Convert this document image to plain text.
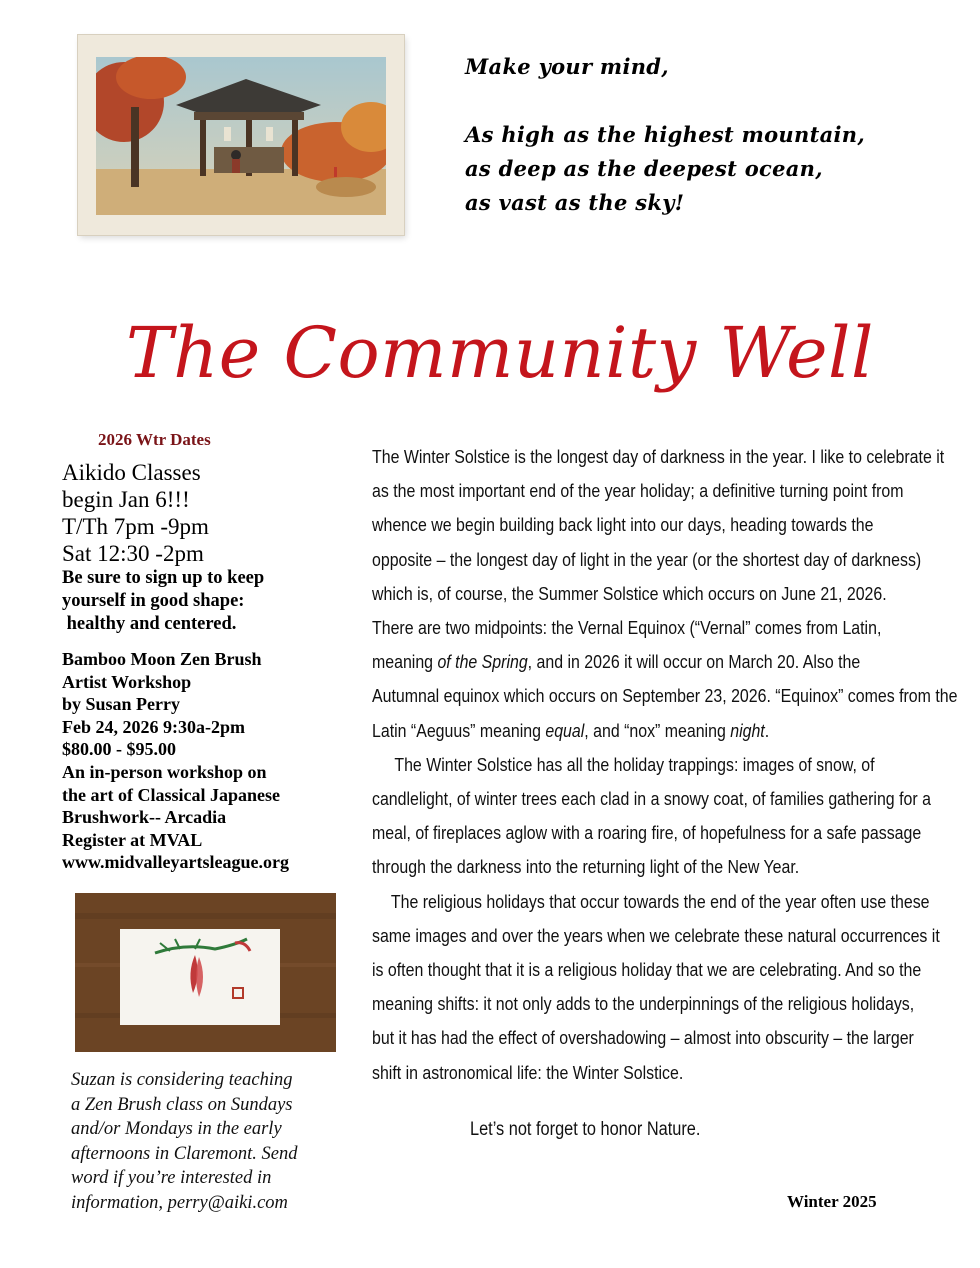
Make your mind,
As high as the highest mountain,
as deep as the deepest ocean,
as vast as the sky!
The Community Well
2026 Wtr Dates
Aikido Classes
begin Jan 6!!!
T/Th 7pm -9pm
Sat 12:30 -2pm
Be sure to sign up to keep
yourself in good shape:
healthy and centered.
Bamboo Moon Zen Brush
Artist Workshop
by Susan Perry
Feb 24, 2026 9:30a-2pm
$80.00 - $95.00
An in-person workshop on
the art of Classical Japanese
Brushwork-- Arcadia
Register at MVAL
www.midvalleyartsleague.org
Suzan is considering teaching
a Zen Brush class on Sundays
and/or Mondays in the early
afternoons in Claremont. Send
word if you’re interested in
information, perry@aiki.com
The Winter Solstice is the longest day of darkness in the year. I like to celebrate it
as the most important end of the year holiday; a definitive turning point from
whence we begin building back light into our days, heading towards the
opposite – the longest day of light in the year (or the shortest day of darkness)
which is, of course, the Summer Solstice which occurs on June 21, 2026.
There are two midpoints: the Vernal Equinox (“Vernal” comes from Latin,
meaning of the Spring, and in 2026 it will occur on March 20. Also the
Autumnal equinox which occurs on September 23, 2026. “Equinox” comes from the
Latin “Aeguus” meaning equal, and “nox” meaning night.
The Winter Solstice has all the holiday trappings: images of snow, of
candlelight, of winter trees each clad in a snowy coat, of families gathering for a
meal, of fireplaces aglow with a roaring fire, of hopefulness for a safe passage
through the darkness into the returning light of the New Year.
The religious holidays that occur towards the end of the year often use these
same images and over the years when we celebrate these natural occurrences it
is often thought that it is a religious holiday that we are celebrating. And so the
meaning shifts: it not only adds to the underpinnings of the religious holidays,
but it has had the effect of overshadowing – almost into obscurity – the larger
shift in astronomical life: the Winter Solstice.
Let’s not forget to honor Nature.
Winter 2025
